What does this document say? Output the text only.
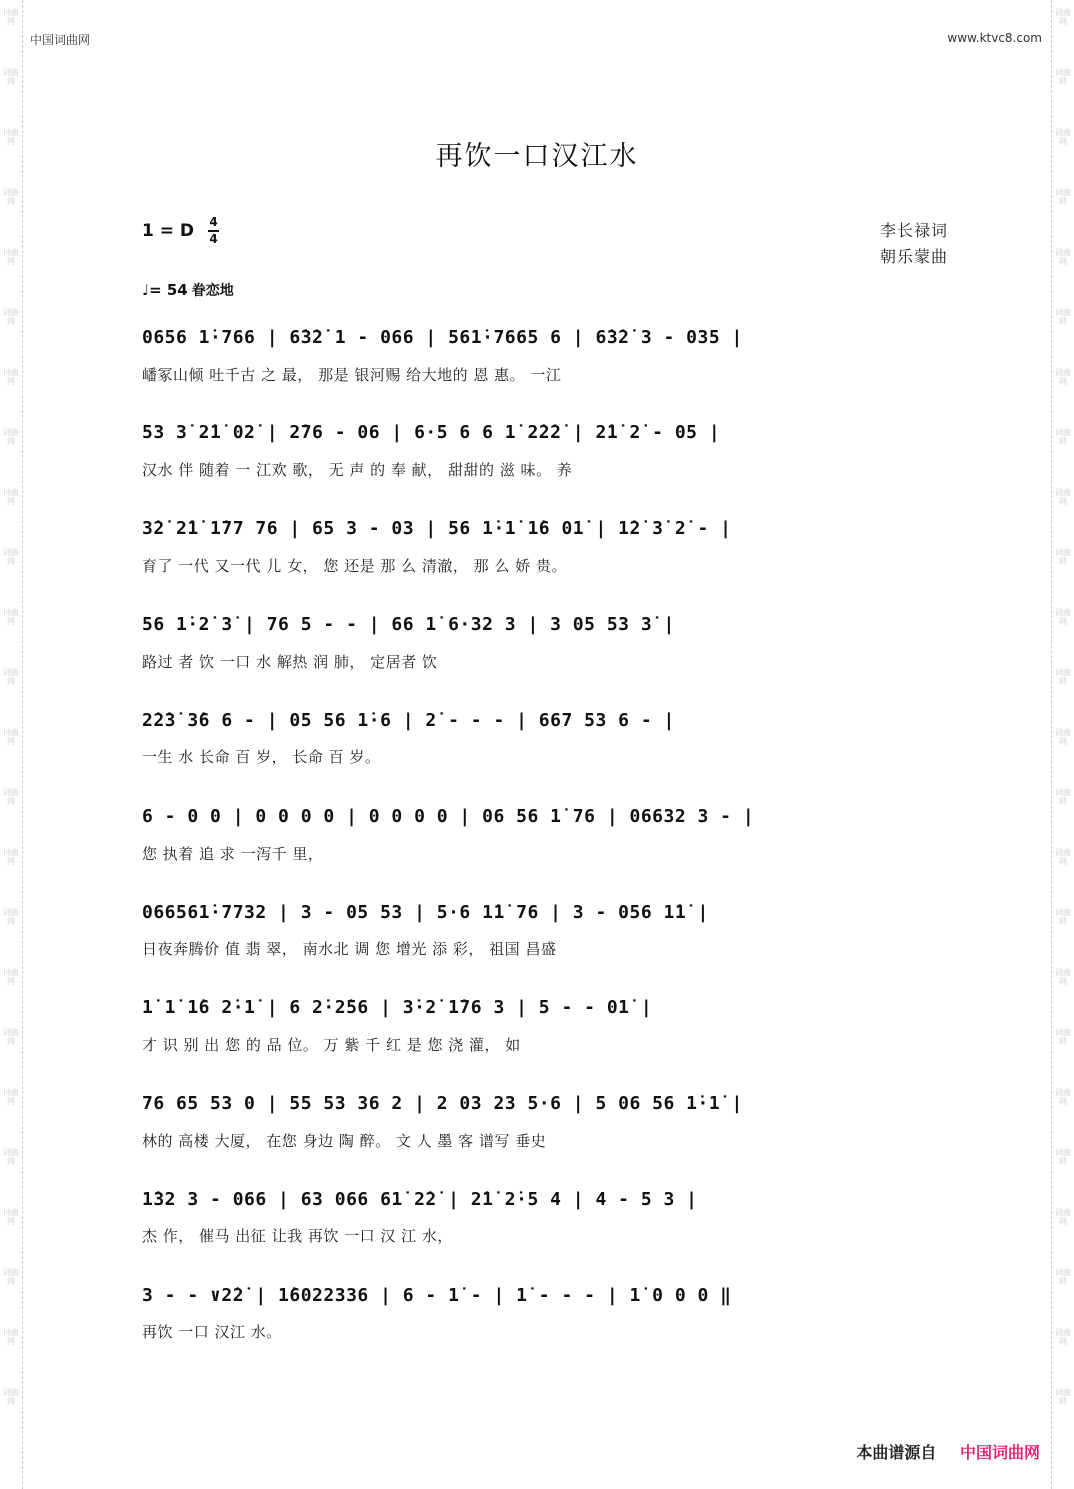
词曲网
词曲网
词曲网
词曲网
词曲网
词曲网
词曲网
词曲网
词曲网
词曲网
词曲网
词曲网
词曲网
词曲网
词曲网
词曲网
词曲网
词曲网
词曲网
词曲网
词曲网
词曲网
词曲网
词曲网
词曲网
词曲网
词曲网
词曲网
词曲网
词曲网
词曲网
词曲网
词曲网
词曲网
词曲网
词曲网
词曲网
词曲网
词曲网
词曲网
词曲网
词曲网
词曲网
词曲网
词曲网
词曲网
词曲网
词曲网
中国词曲网	www.ktvc8.com
再饮一口汉江水
1 = D 4
4	李长禄词
朝乐蒙曲
♩= 54 眷恋地
0656 1̇·766 | 6̇3̇2̇ 1 - 066 | 561̇·7665 6 | 6̇3̇2̇ 3 - 035 |
嶓冢山倾 吐千古 之 最， 那是 银河赐 给大地的 恩 惠。 一江
53 3̇ 2̇1̇ 02̇ | 2̇76 - 06 | 6·5 6 6 1̇ 2̇2̇2̇ | 2̇1̇ 2̇ - 05 |
汉水 伴 随着 一 江欢 歌， 无 声 的 奉 献， 甜甜的 滋 味。 养
3̇2̇ 2̇1̇ 1̇77 76 | 65 3 - 03 | 56 1̇·1̇ 1̇6 01̇ | 1̇2̇ 3̇ 2̇ - |
育了 一代 又一代 儿 女， 您 还是 那 么 清澈， 那 么 娇 贵。
56 1̇·2̇ 3̇ | 76 5 - - | 66 1̇ 6·32 3 | 3 05 53 3̇ |
路过 者 饮 一口 水 解热 润 肺， 定居者 饮
2̇2̇3̇ 3̇6 6 - | 05 56 1̇·6 | 2̇ - - - | 667 53 6 - |
一生 水 长命 百 岁， 长命 百 岁。
6 - 0 0 | 0 0 0 0 | 0 0 0 0 | 06 56 1̇ 76 | 06632 3 - |
您 执着 追 求 一泻千 里，
066561̇·7732 | 3 - 05 53 | 5·6 1̇1̇ 76 | 3 - 056 1̇1̇ |
日夜奔腾价 值 翡 翠， 南水北 调 您 增光 添 彩， 祖国 昌盛
1̇ 1̇ 1̇6 2̇·1̇ | 6 2̇·2̇56 | 3̇·2̇ 1̇76 3 | 5 - - 01̇ |
才 识 别 出 您 的 品 位。 万 紫 千 红 是 您 浇 灌， 如
76 65 53 0 | 55 53 36 2 | 2 03 23 5·6 | 5 06 56 1̇·1̇ |
林的 高楼 大厦， 在您 身边 陶 醉。 文 人 墨 客 谱写 垂史
1̇32 3 - 066 | 63 066 61̇ 2̇2̇ | 2̇1̇ 2̇·5 4 | 4 - 5 3 |
杰 作， 催马 出征 让我 再饮 一口 汉 江 水，
3 - - ∨2̇2̇ | 1̇6022336 | 6 - 1̇ - | 1̇ - - - | 1̇ 0 0 0 ‖
再饮 一口 汉江 水。
本曲谱源自 中国词曲网
